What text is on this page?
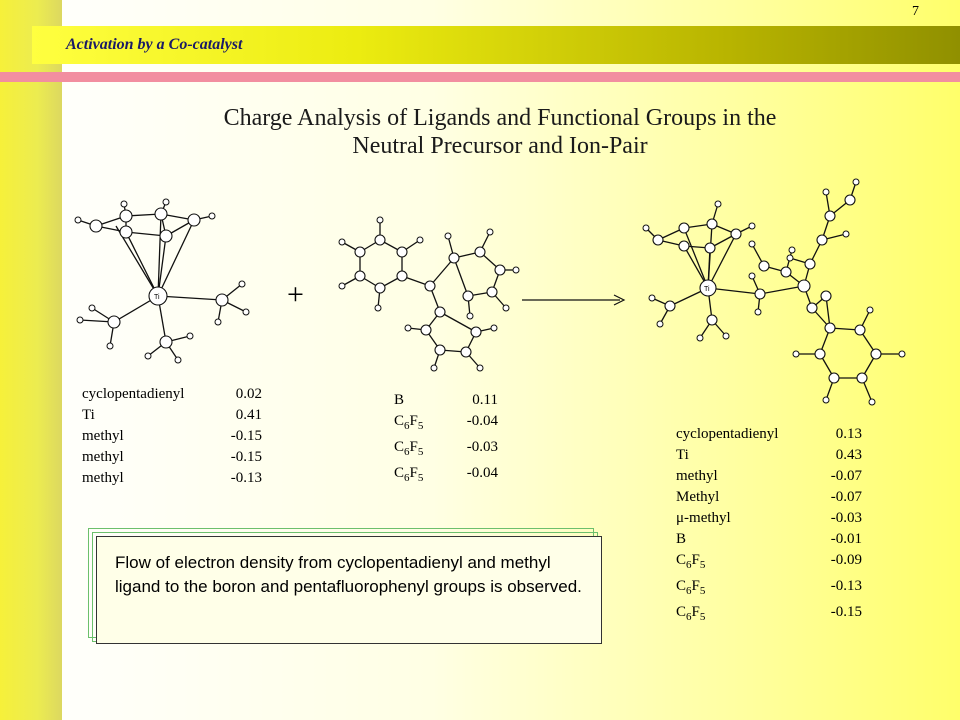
Activation by a Co-catalyst
7
Charge Analysis of Ligands and Functional Groups in the
Neutral Precursor and Ion-Pair
Ti	+	Ti
cyclopentadienyl	0.02
Ti	0.41
methyl	-0.15
methyl	-0.15
methyl	-0.13
B	0.11
$C_6F_5$	-0.04
$C_6F_5$	-0.03
$C_6F_5$	-0.04
cyclopentadienyl	0.13
Ti	0.43
methyl	-0.07
Methyl	-0.07
μ-methyl	-0.03
B	-0.01
$C_6F_5$	-0.09
$C_6F_5$	-0.13
$C_6F_5$	-0.15
Flow of electron density from cyclopentadienyl and methyl ligand to the boron and pentafluorophenyl groups is observed.
